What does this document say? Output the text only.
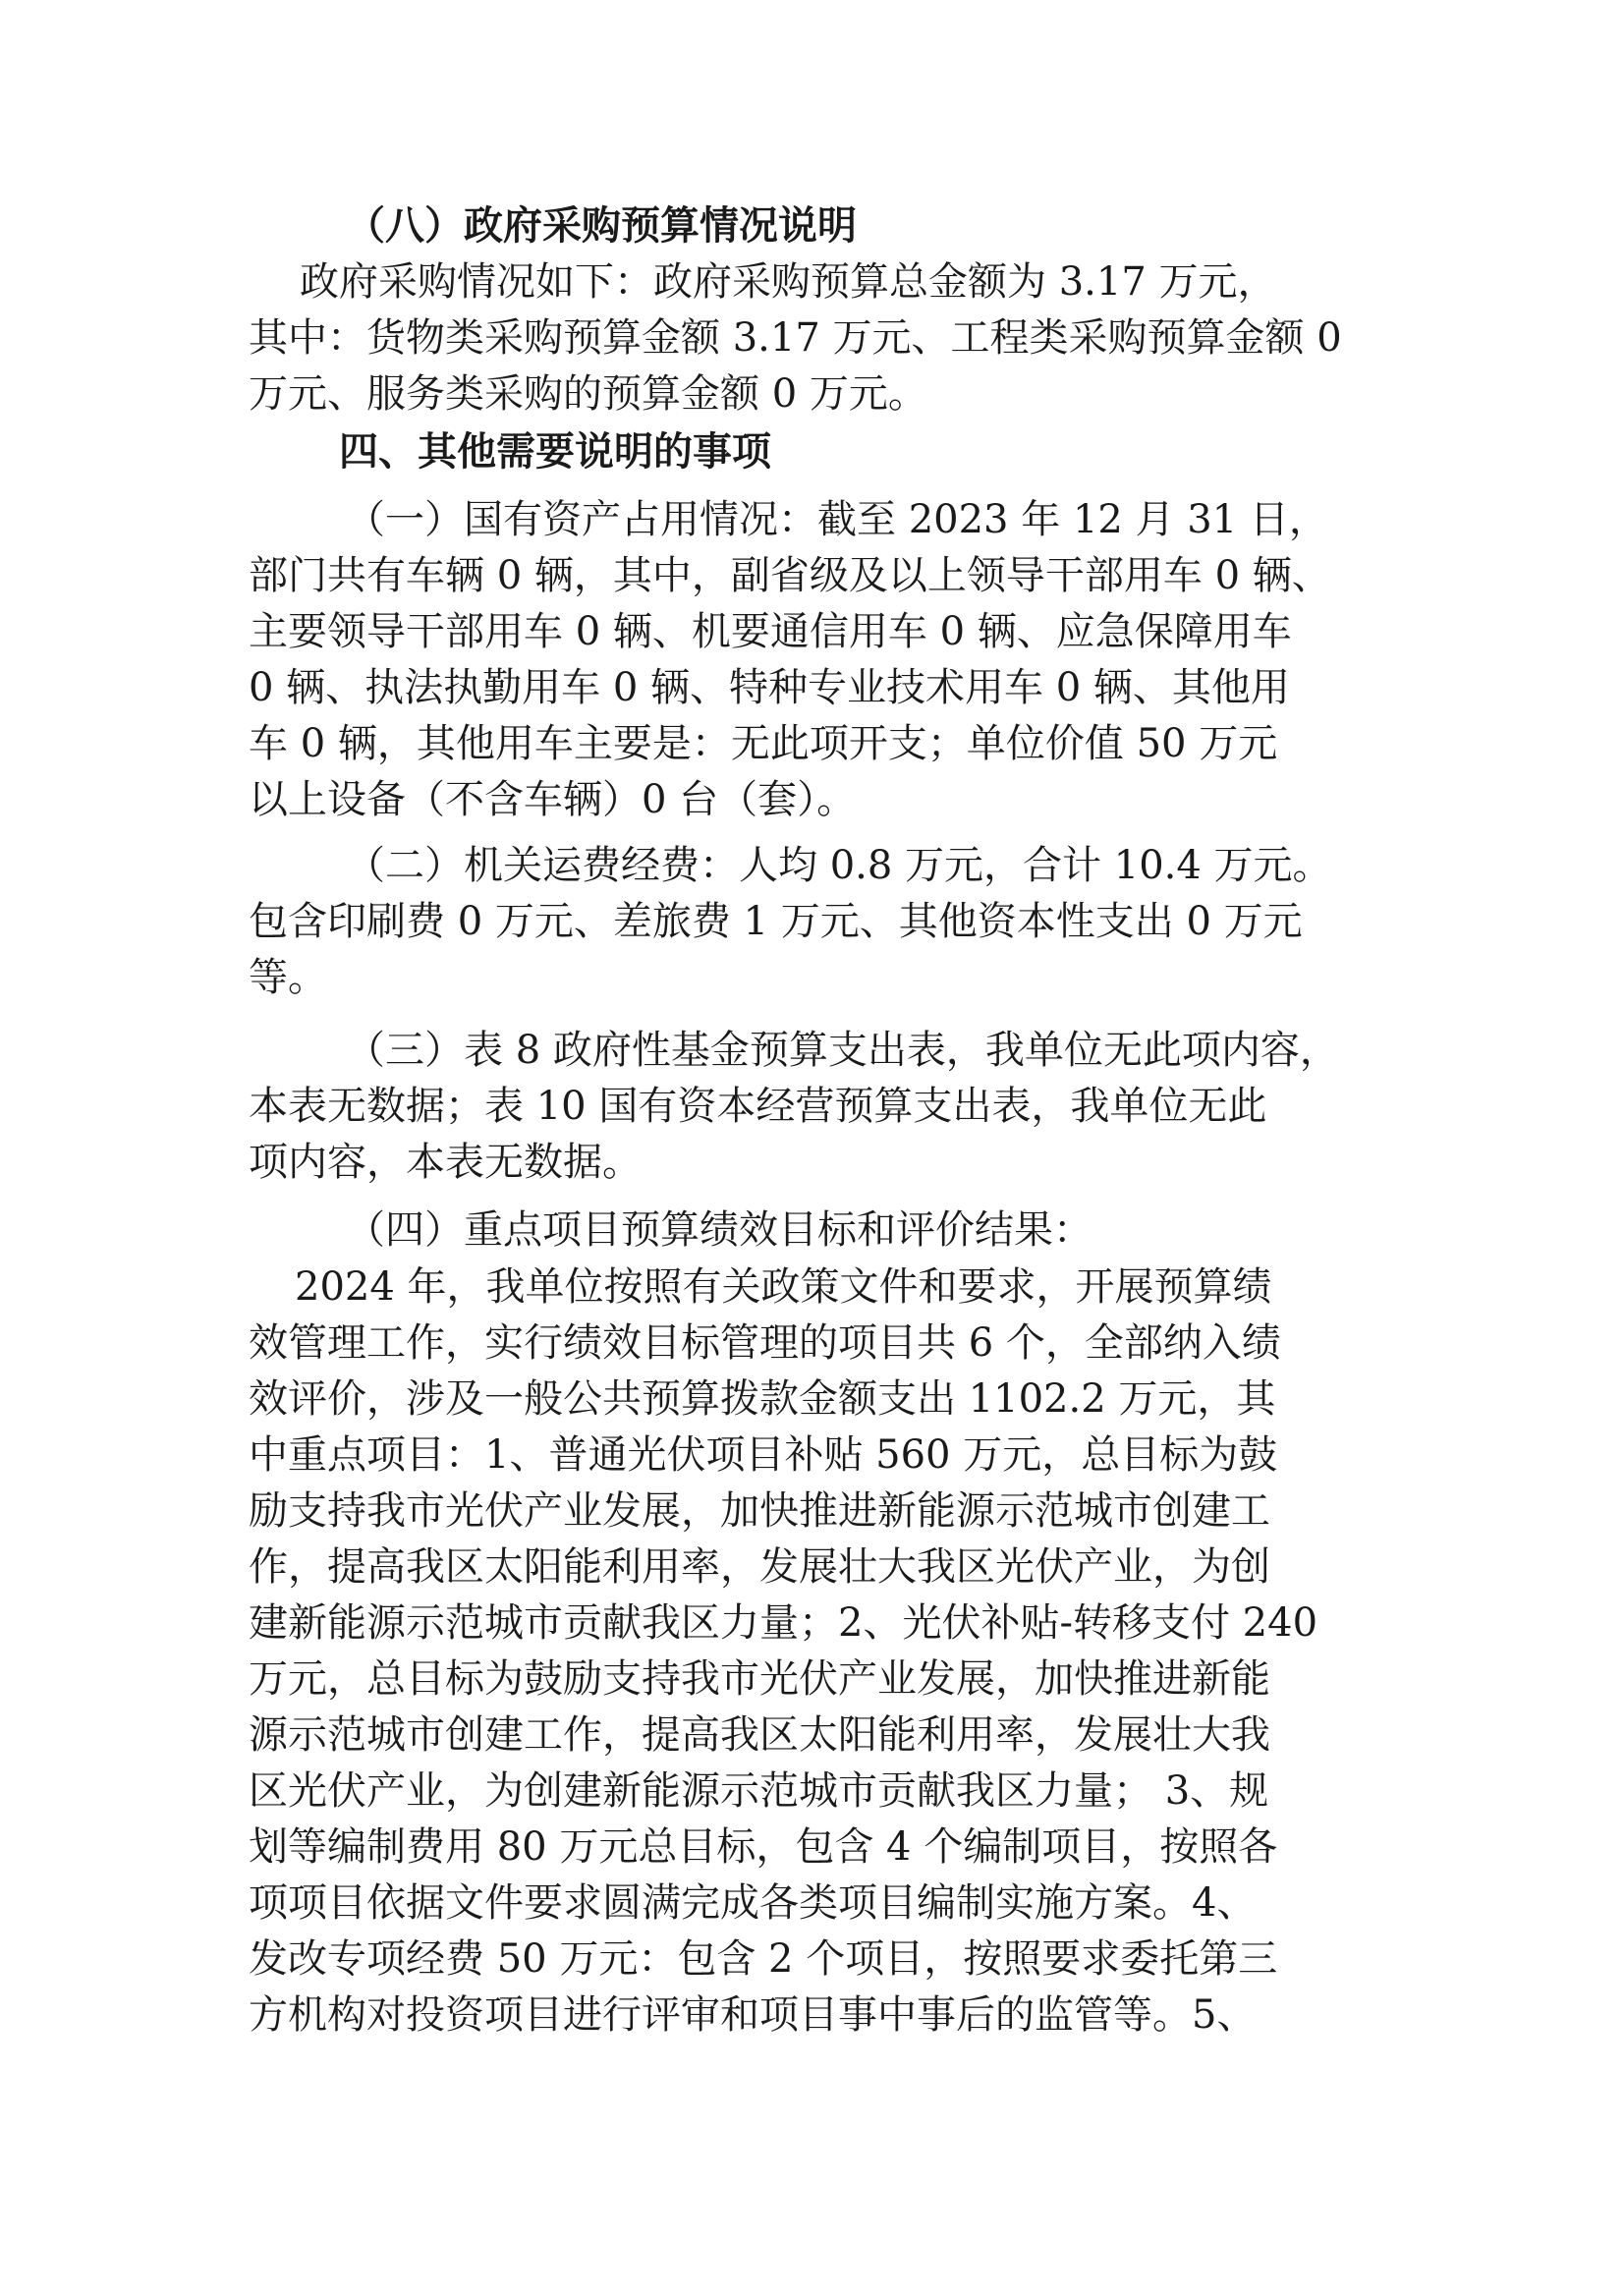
（八）政府采购预算情况说明
政府采购情况如下：政府采购预算总金额为 3.17 万元，
其中：货物类采购预算金额 3.17 万元、工程类采购预算金额 0
万元、服务类采购的预算金额 0 万元。
四、其他需要说明的事项
（一）国有资产占用情况：截至 2023 年 12 月 31 日，
部门共有车辆 0 辆，其中，副省级及以上领导干部用车 0 辆、
主要领导干部用车 0 辆、机要通信用车 0 辆、应急保障用车
0 辆、执法执勤用车 0 辆、特种专业技术用车 0 辆、其他用
车 0 辆，其他用车主要是：无此项开支；单位价值 50 万元
以上设备（不含车辆）0 台（套）。
（二）机关运费经费：人均 0.8 万元，合计 10.4 万元。
包含印刷费 0 万元、差旅费 1 万元、其他资本性支出 0 万元
等。
（三）表 8 政府性基金预算支出表，我单位无此项内容，
本表无数据；表 10 国有资本经营预算支出表，我单位无此
项内容，本表无数据。
（四）重点项目预算绩效目标和评价结果：
2024 年，我单位按照有关政策文件和要求，开展预算绩
效管理工作，实行绩效目标管理的项目共 6 个，全部纳入绩
效评价，涉及一般公共预算拨款金额支出 1102.2 万元，其
中重点项目：1、普通光伏项目补贴 560 万元，总目标为鼓
励支持我市光伏产业发展，加快推进新能源示范城市创建工
作，提高我区太阳能利用率，发展壮大我区光伏产业，为创
建新能源示范城市贡献我区力量；2、光伏补贴-转移支付 240
万元，总目标为鼓励支持我市光伏产业发展，加快推进新能
源示范城市创建工作，提高我区太阳能利用率，发展壮大我
区光伏产业，为创建新能源示范城市贡献我区力量； 3、规
划等编制费用 80 万元总目标，包含 4 个编制项目，按照各
项项目依据文件要求圆满完成各类项目编制实施方案。4、
发改专项经费 50 万元：包含 2 个项目，按照要求委托第三
方机构对投资项目进行评审和项目事中事后的监管等。5、
